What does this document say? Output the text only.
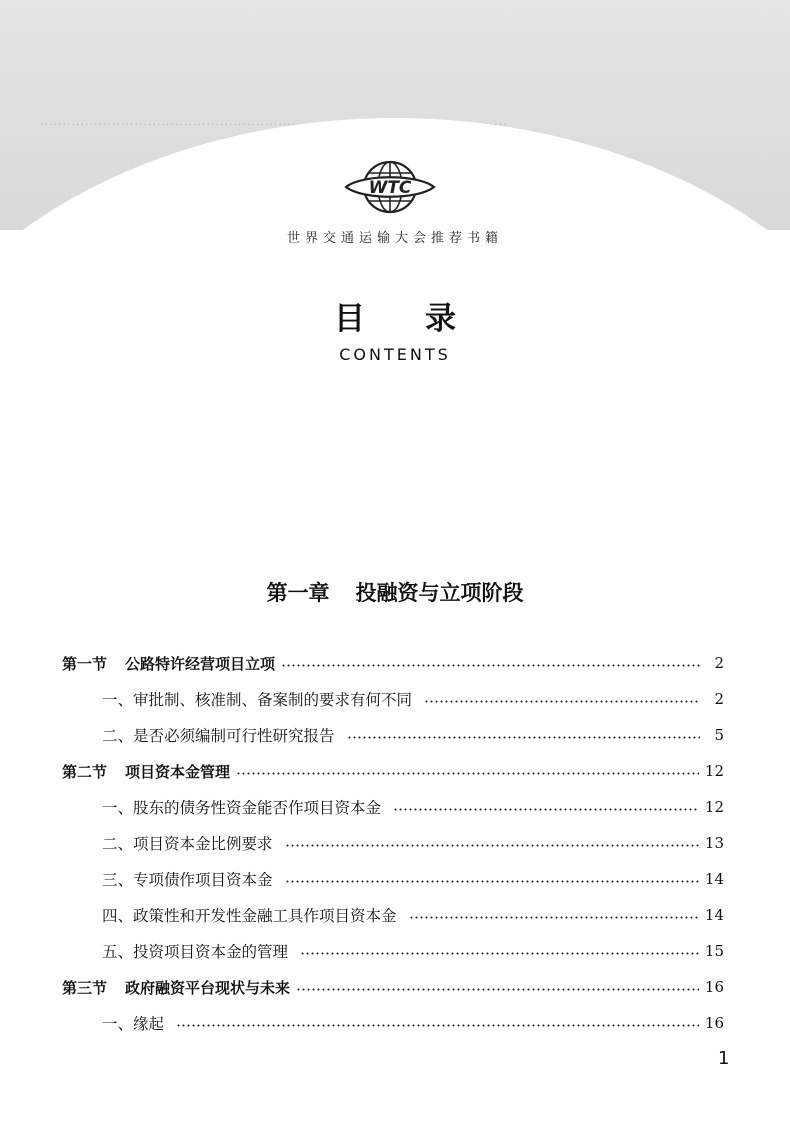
········································································································
WTC
世界交通运输大会推荐书籍
目录
CONTENTS
第一章 投融资与立项阶段
第一节 公路特许经营项目立项	2
一、审批制、核准制、备案制的要求有何不同	2
二、是否必须编制可行性研究报告	5
第二节 项目资本金管理	12
一、股东的债务性资金能否作项目资本金	12
二、项目资本金比例要求	13
三、专项债作项目资本金	14
四、政策性和开发性金融工具作项目资本金	14
五、投资项目资本金的管理	15
第三节 政府融资平台现状与未来	16
一、缘起	16
1
